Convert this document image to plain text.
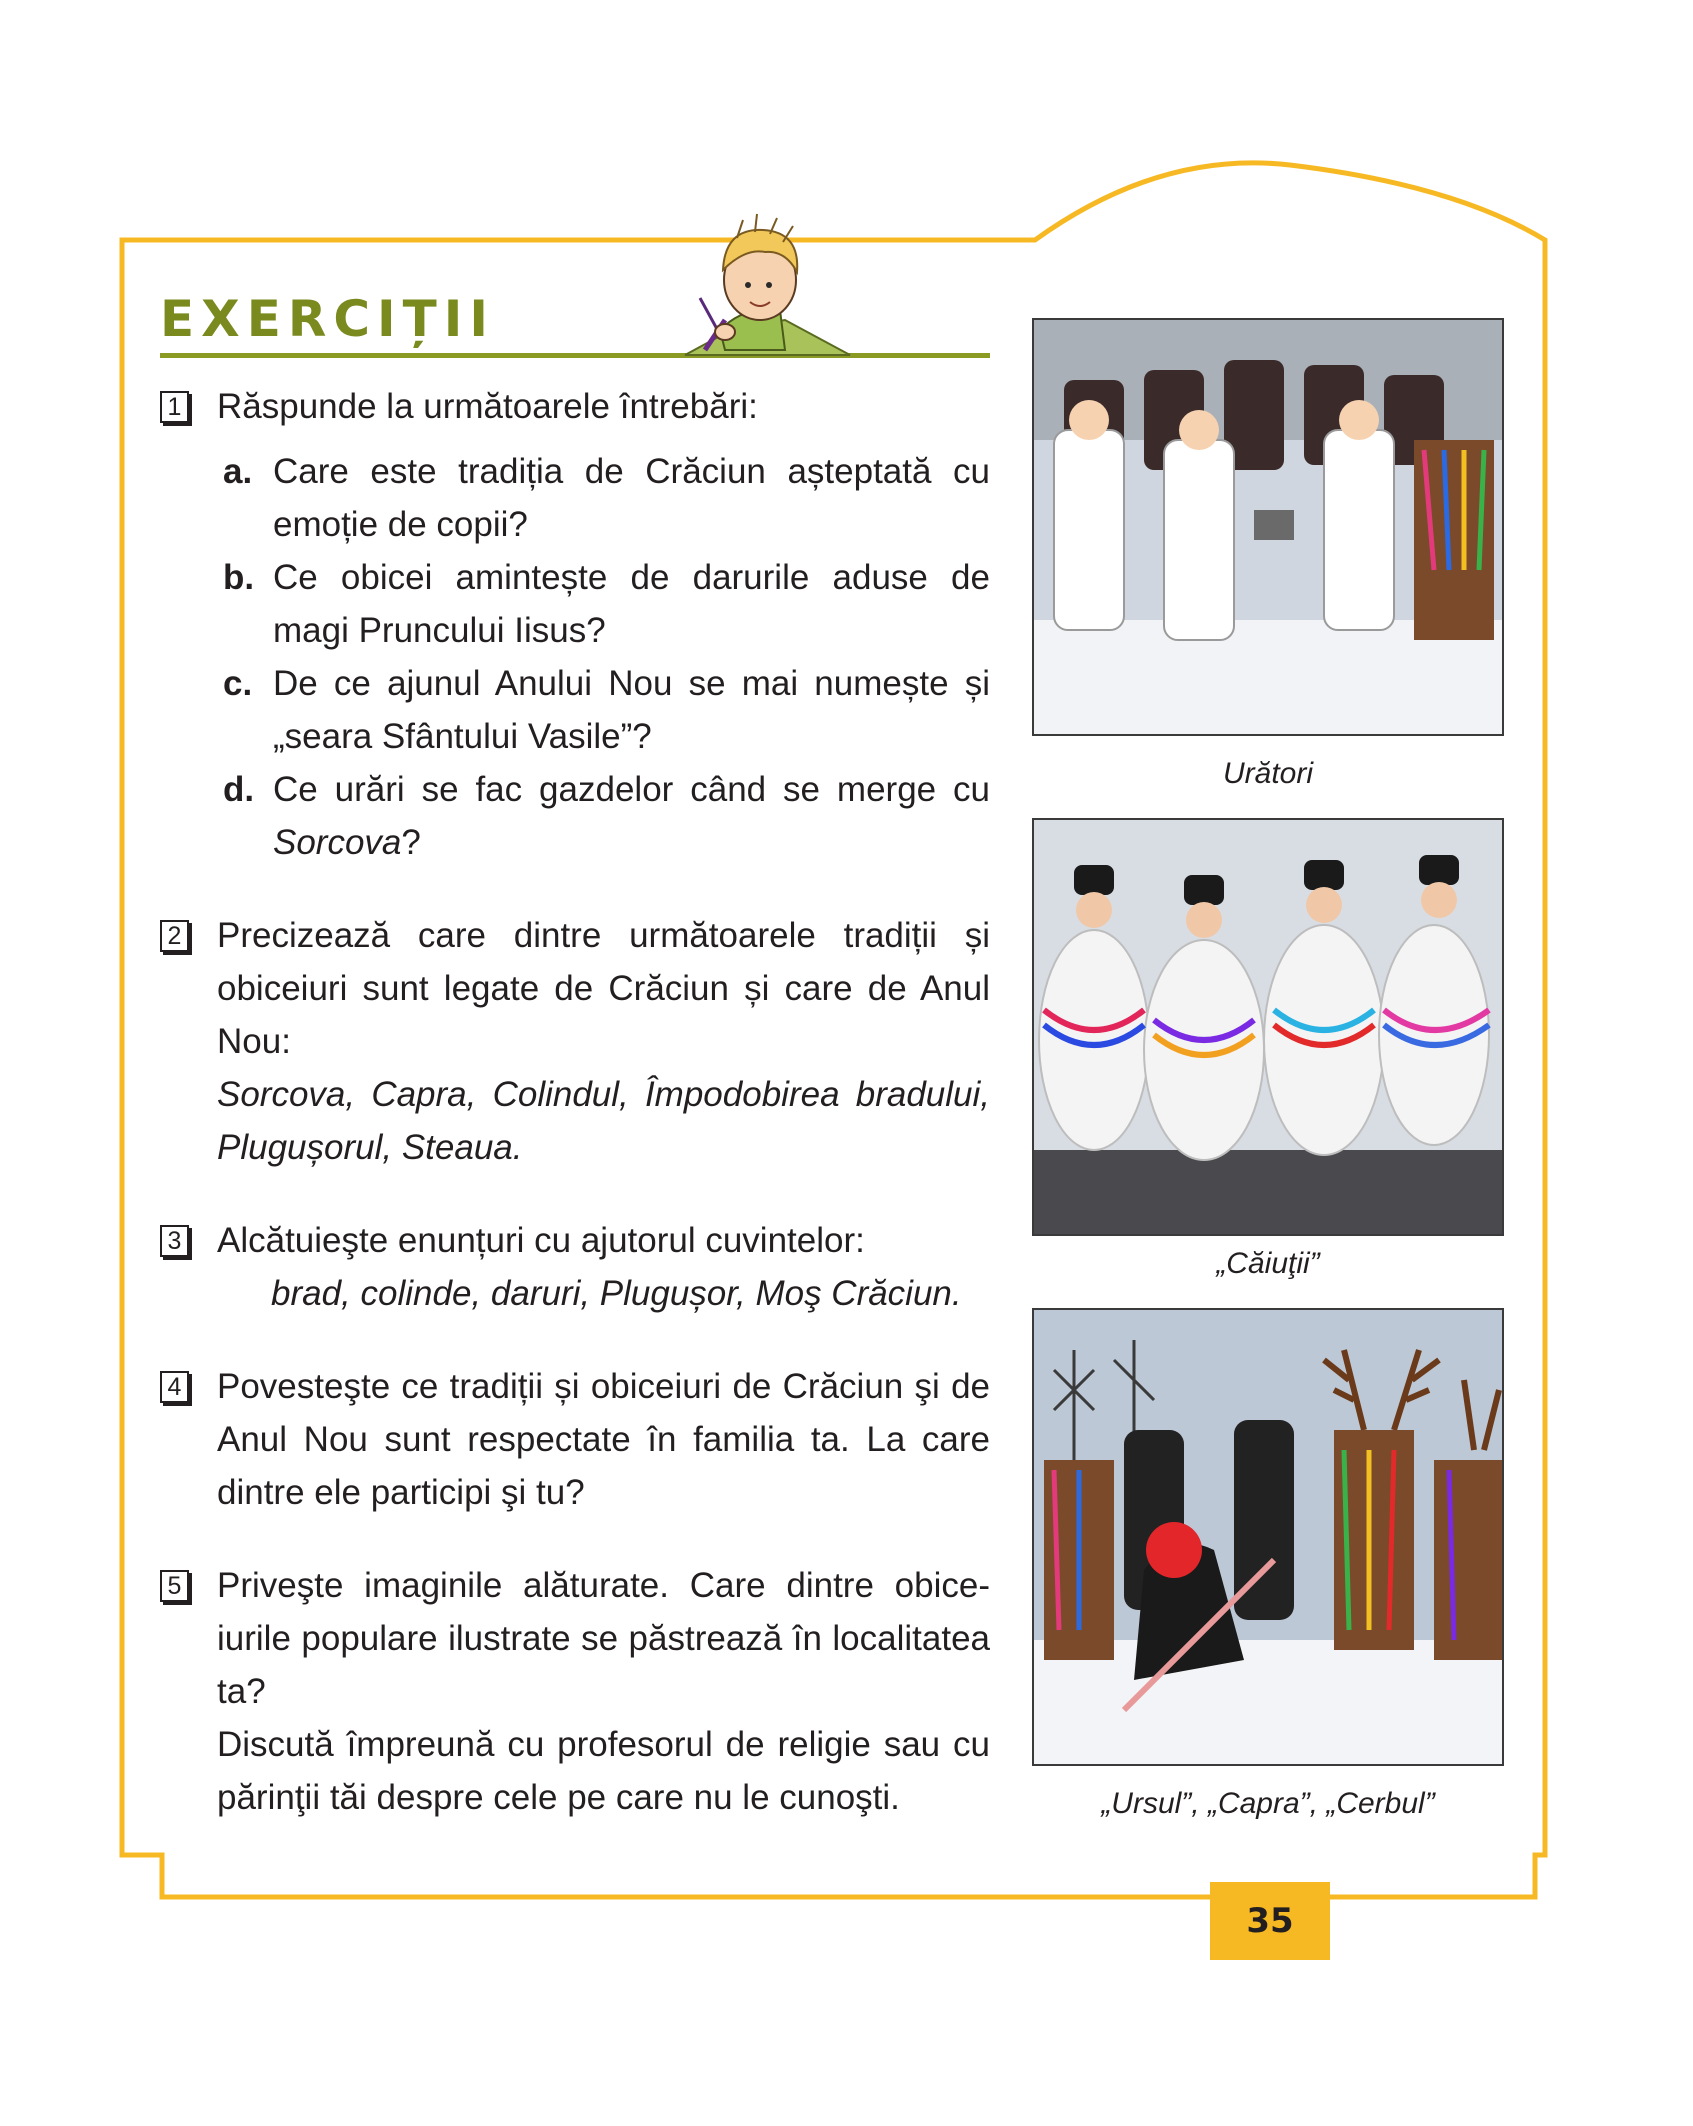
EXERCIȚII
1 Răspunde la următoarele întrebări:

a. Care este tradiția de Crăciun așteptată cu emoție de copii?

b. Ce obicei amintește de darurile aduse de magi Pruncului Iisus?

c. De ce ajunul Anului Nou se mai numește și „seara Sfântului Vasile”?

d. Ce urări se fac gazdelor când se merge cu Sorcova?

2 Precizează care dintre următoarele tradiții și obiceiuri sunt legate de Crăciun și care de Anul Nou:

Sorcova, Capra, Colindul, Împodobirea bradului, Plugușorul, Steaua.

3 Alcătuieşte enunțuri cu ajutorul cuvintelor:

brad, colinde, daruri, Plugușor, Moş Crăciun.

4 Povesteşte ce tradiții și obiceiuri de Crăciun şi de Anul Nou sunt respectate în familia ta. La care dintre ele participi şi tu?

5 Priveşte imaginile alăturate. Care dintre obiceiurile populare ilustrate se păstrează în localitatea ta?

Discută împreună cu profesorul de religie sau cu părinţii tăi despre cele pe care nu le cunoşti.

Urători
„Căiuţii”
„Ursul”, „Capra”, „Cerbul”
35
